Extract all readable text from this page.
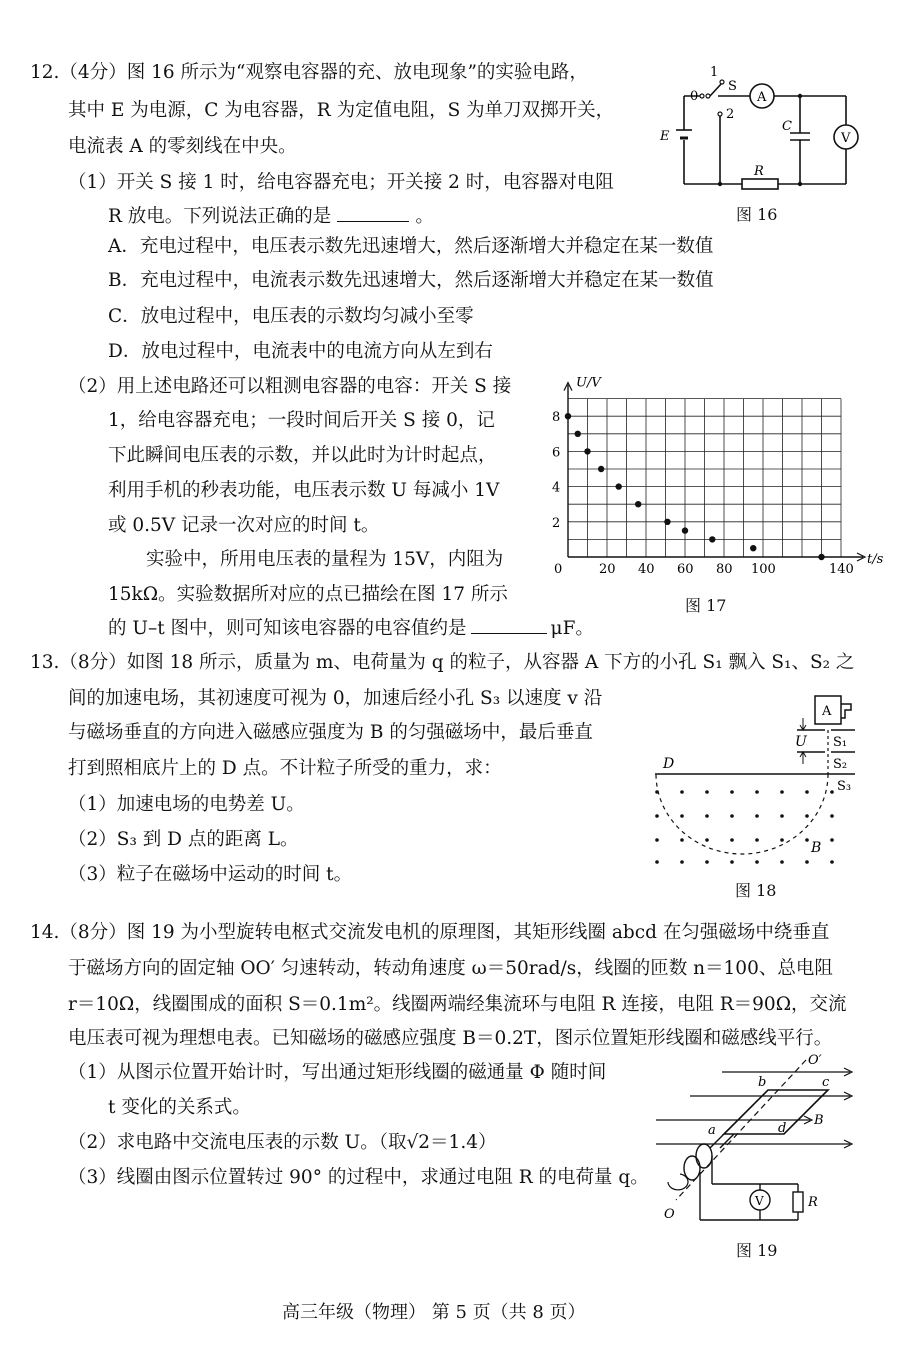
12.（4分）图 16 所示为“观察电容器的充、放电现象”的实验电路，
其中 E 为电源，C 为电容器，R 为定值电阻，S 为单刀双掷开关，
电流表 A 的零刻线在中央。
（1）开关 S 接 1 时，给电容器充电；开关接 2 时，电容器对电阻
R 放电。下列说法正确的是	。
A．充电过程中，电压表示数先迅速增大，然后逐渐增大并稳定在某一数值
B．充电过程中，电流表示数先迅速增大，然后逐渐增大并稳定在某一数值
C．放电过程中，电压表的示数均匀减小至零
D．放电过程中，电流表中的电流方向从左到右
（2）用上述电路还可以粗测电容器的电容：开关 S 接
1，给电容器充电；一段时间后开关 S 接 0，记
下此瞬间电压表的示数，并以此时为计时起点，
利用手机的秒表功能，电压表示数 U 每减小 1V
或 0.5V 记录一次对应的时间 t。
实验中，所用电压表的量程为 15V，内阻为
15kΩ。实验数据所对应的点已描绘在图 17 所示
的 U–t 图中，则可知该电容器的电容值约是	μF。
A
V
R
1
0
S
2
E
C
图 16
0	20 40 60 80 100	140
2
4
6
8
t/s
U/V
图 17
13.（8分）如图 18 所示，质量为 m、电荷量为 q 的粒子，从容器 A 下方的小孔 S₁ 飘入 S₁、S₂ 之
间的加速电场，其初速度可视为 0，加速后经小孔 S₃ 以速度 v 沿
与磁场垂直的方向进入磁感应强度为 B 的匀强磁场中，最后垂直
打到照相底片上的 D 点。不计粒子所受的重力，求：
（1）加速电场的电势差 U。
（2）S₃ 到 D 点的距离 L。
（3）粒子在磁场中运动的时间 t。
A
U S₁
S₂
D
S₃
B
图 18
14.（8分）图 19 为小型旋转电枢式交流发电机的原理图，其矩形线圈 abcd 在匀强磁场中绕垂直
于磁场方向的固定轴 OO′ 匀速转动，转动角速度 ω＝50rad/s，线圈的匝数 n＝100、总电阻
r＝10Ω，线圈围成的面积 S＝0.1m²。线圈两端经集流环与电阻 R 连接，电阻 R＝90Ω，交流
电压表可视为理想电表。已知磁场的磁感应强度 B＝0.2T，图示位置矩形线圈和磁感线平行。
（1）从图示位置开始计时，写出通过矩形线圈的磁通量 Φ 随时间
t 变化的关系式。
（2）求电路中交流电压表的示数 U。（取√2＝1.4）
（3）线圈由图示位置转过 90° 的过程中，求通过电阻 R 的电荷量 q。
V	R
O′
b	c
a	d
B
O
图 19
高三年级（物理） 第 5 页（共 8 页）
